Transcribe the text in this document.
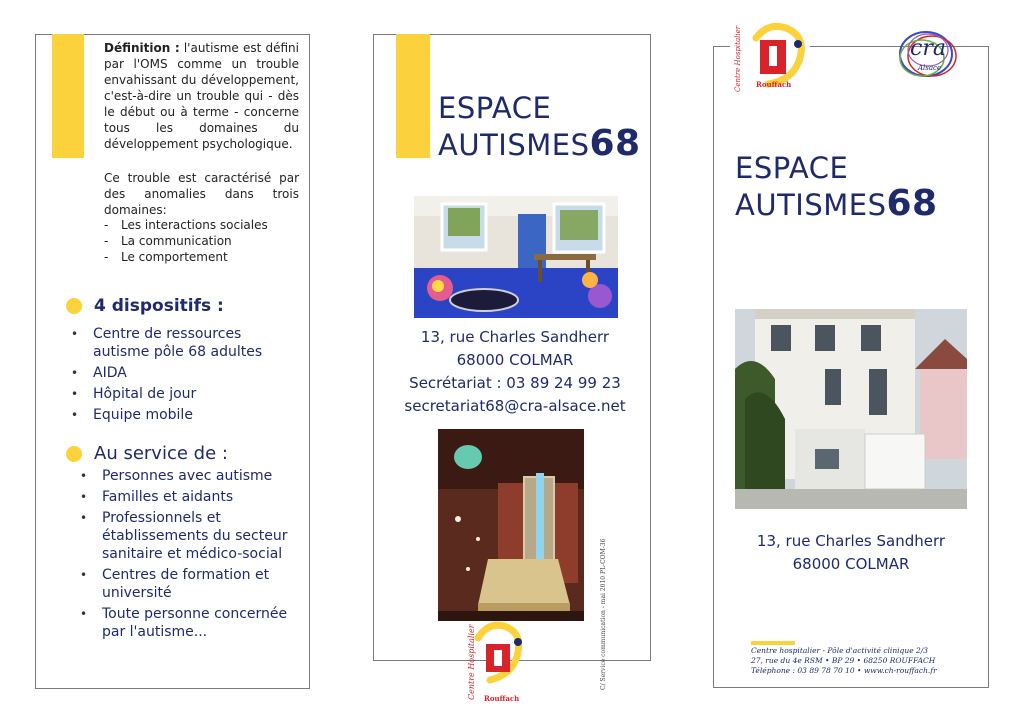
Définition : l'autisme est défini par l'OMS comme un trouble envahissant du développement, c'est-à-dire un trouble qui - dès le début ou à terme - concerne tous les domaines du développement psychologique.

Ce trouble est caractérisé par des anomalies dans trois domaines:

- Les interactions sociales
- La communication
- Le comportement
4 dispositifs :
• Centre de ressources autisme pôle 68 adultes
• AIDA
• Hôpital de jour
• Equipe mobile
Au service de :
• Personnes avec autisme
• Familles et aidants
• Professionnels et établissements du secteur sanitaire et médico-social
• Centres de formation et université
• Toute personne concernée par l'autisme...
ESPACE
AUTISMES68
13, rue Charles Sandherr
68000 COLMAR
Secrétariat : 03 89 24 99 23
secretariat68@cra-alsace.net
Centre Hospitalier Rouffach
C/ Service communication - mai 2010 PL-COM-36
Centre Hospitalier Rouffach
cra
Alsace
ESPACE
AUTISMES68
13, rue Charles Sandherr
68000 COLMAR
Centre hospitalier - Pôle d'activité clinique 2/3
27, rue du 4e RSM • BP 29 • 68250 ROUFFACH
Téléphone : 03 89 78 70 10 • www.ch-rouffach.fr
